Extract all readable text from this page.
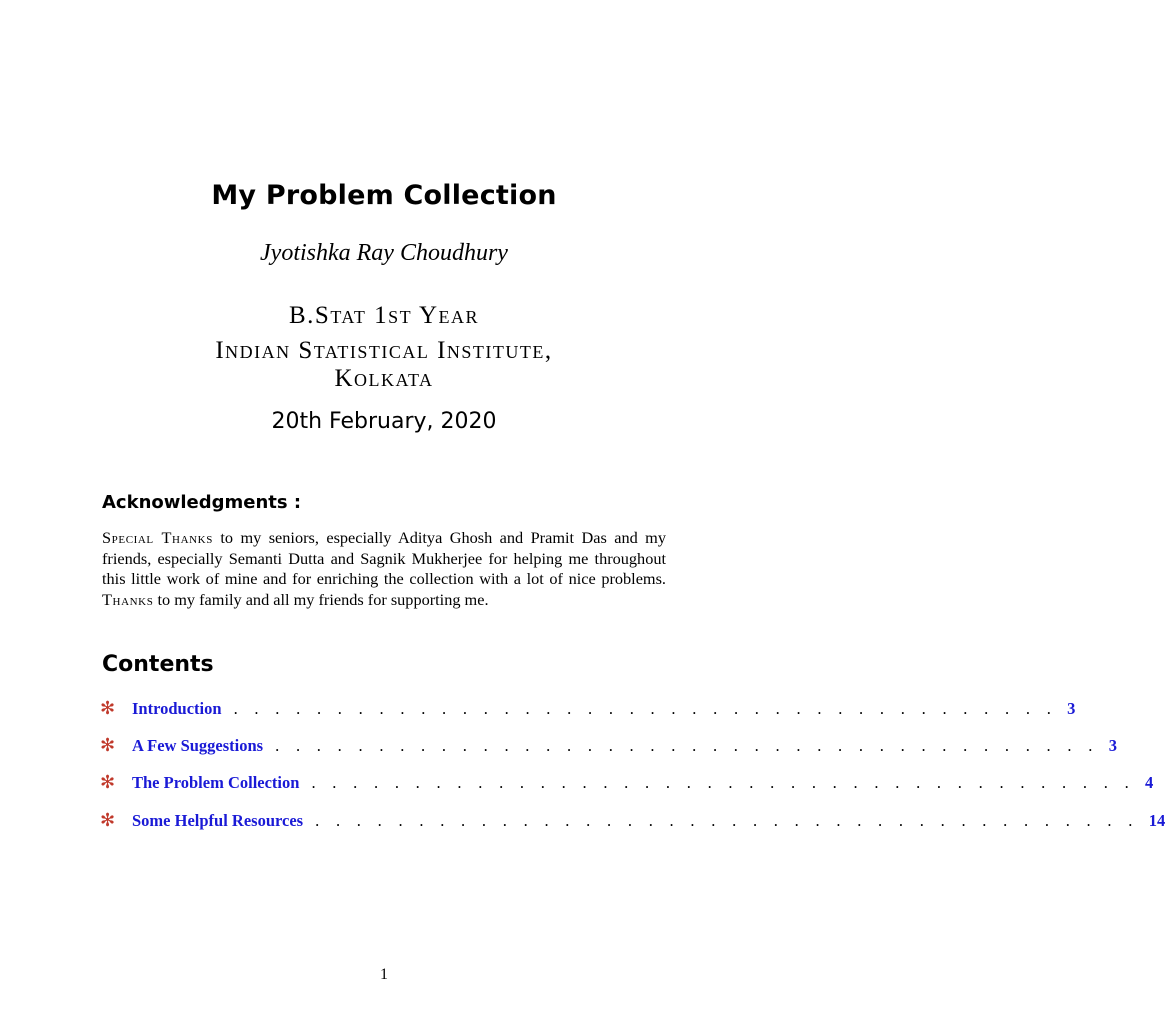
My Problem Collection
Jyotishka Ray Choudhury
B.Stat 1st Year
Indian Statistical Institute,
Kolkata
20th February, 2020
Acknowledgments :
Special Thanks to my seniors, especially Aditya Ghosh and Pramit Das and my friends, especially Semanti Dutta and Sagnik Mukherjee for helping me throughout this little work of mine and for enriching the collection with a lot of nice problems. Thanks to my family and all my friends for supporting me.
Contents
✻	Introduction . . . . . . . . . . . . . . . . . . . . . . . . . . . . . . . . . . . . . . . . 3
✻	A Few Suggestions . . . . . . . . . . . . . . . . . . . . . . . . . . . . . . . . . . . . . . . . 3
✻	The Problem Collection . . . . . . . . . . . . . . . . . . . . . . . . . . . . . . . . . . . . . . . . 4
✻	Some Helpful Resources . . . . . . . . . . . . . . . . . . . . . . . . . . . . . . . . . . . . . . . . 14
1
